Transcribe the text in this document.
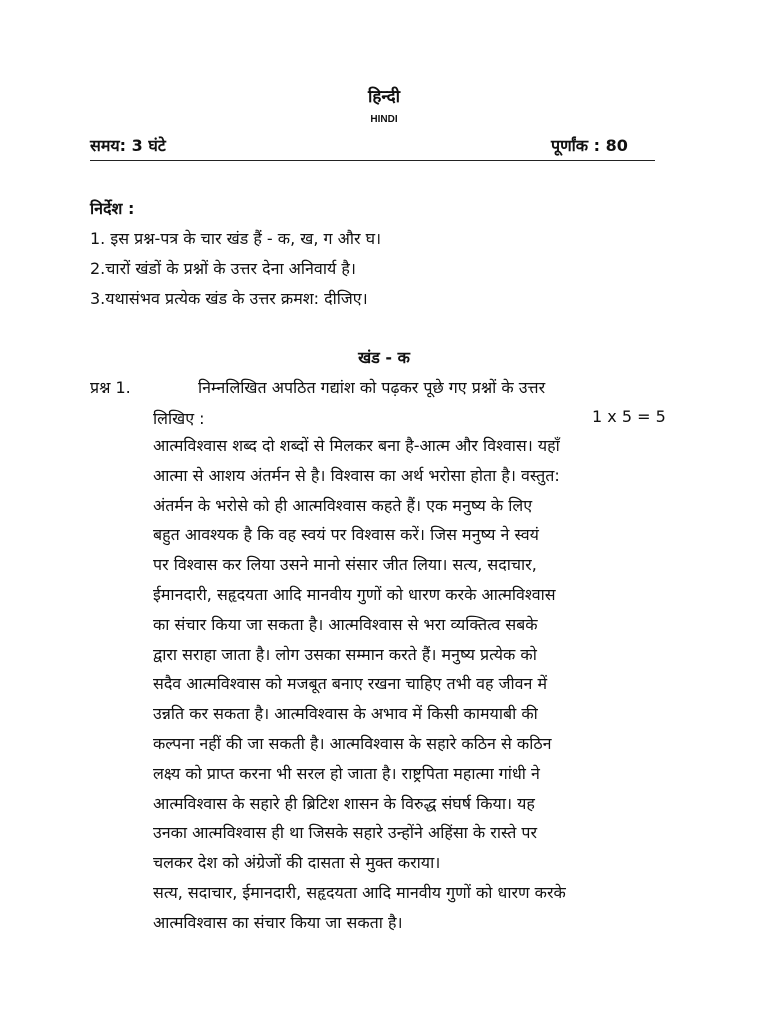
हिन्दी
HINDI
समय: 3 घंटे	पूर्णांक : 80
निर्देश :
1. इस प्रश्न-पत्र के चार खंड हैं - क, ख, ग और घ।
2.चारों खंडों के प्रश्नों के उत्तर देना अनिवार्य है।
3.यथासंभव प्रत्येक खंड के उत्तर क्रमश: दीजिए।
खंड - क
प्रश्न 1.	निम्नलिखित अपठित गद्यांश को पढ़कर पूछे गए प्रश्नों के उत्तर
लिखिए :	1 x 5 = 5
आत्मविश्वास शब्द दो शब्दों से मिलकर बना है-आत्म और विश्वास। यहाँ
आत्मा से आशय अंतर्मन से है। विश्वास का अर्थ भरोसा होता है। वस्तुत:
अंतर्मन के भरोसे को ही आत्मविश्वास कहते हैं। एक मनुष्य के लिए
बहुत आवश्यक है कि वह स्वयं पर विश्वास करें। जिस मनुष्य ने स्वयं
पर विश्वास कर लिया उसने मानो संसार जीत लिया। सत्य, सदाचार,
ईमानदारी, सहृदयता आदि मानवीय गुणों को धारण करके आत्मविश्वास
का संचार किया जा सकता है। आत्मविश्वास से भरा व्यक्तित्व सबके
द्वारा सराहा जाता है। लोग उसका सम्मान करते हैं। मनुष्य प्रत्येक को
सदैव आत्मविश्वास को मजबूत बनाए रखना चाहिए तभी वह जीवन में
उन्नति कर सकता है। आत्मविश्वास के अभाव में किसी कामयाबी की
कल्पना नहीं की जा सकती है। आत्मविश्वास के सहारे कठिन से कठिन
लक्ष्य को प्राप्त करना भी सरल हो जाता है। राष्ट्रपिता महात्मा गांधी ने
आत्मविश्वास के सहारे ही ब्रिटिश शासन के विरुद्ध संघर्ष किया। यह
उनका आत्मविश्वास ही था जिसके सहारे उन्होंने अहिंसा के रास्ते पर
चलकर देश को अंग्रेजों की दासता से मुक्त कराया।
सत्य, सदाचार, ईमानदारी, सहृदयता आदि मानवीय गुणों को धारण करके
आत्मविश्वास का संचार किया जा सकता है।
